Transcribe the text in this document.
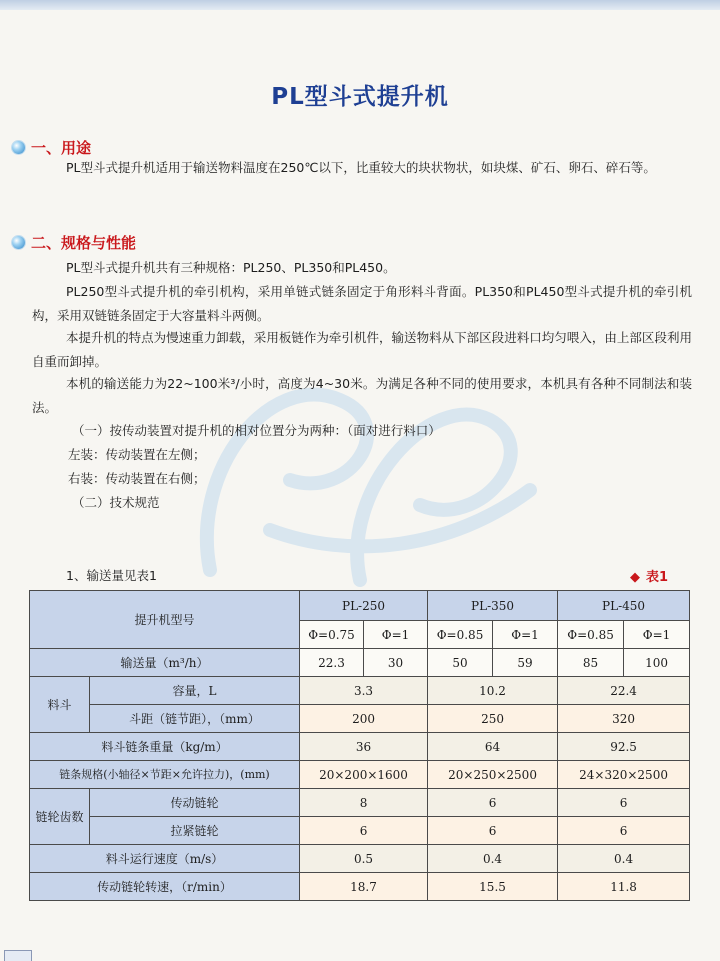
PL型斗式提升机
一、用途
PL型斗式提升机适用于输送物料温度在250℃以下，比重较大的块状物状，如块煤、矿石、卵石、碎石等。
二、规格与性能
PL型斗式提升机共有三种规格：PL250、PL350和PL450。
PL250型斗式提升机的牵引机构，采用单链式链条固定于角形料斗背面。PL350和PL450型斗式提升机的牵引机构，采用双链链条固定于大容量料斗两侧。
本提升机的特点为慢速重力卸载，采用板链作为牵引机件，输送物料从下部区段进料口均匀喂入，由上部区段利用自重而卸掉。
本机的输送能力为22~100米³/小时，高度为4~30米。为满足各种不同的使用要求，本机具有各种不同制法和装法。
（一）按传动装置对提升机的相对位置分为两种：（面对进行料口）
左装：传动装置在左侧；
右装：传动装置在右侧；
（二）技术规范
1、输送量见表1	◆ 表1
提升机型号		PL-250		PL-350		PL-450	
		Φ=0.75	Φ=1	Φ=0.85	Φ=1	Φ=0.85	Φ=1
输送量（m³/h）		22.3	30	50	59	85	100
料斗	容量，L	3.3		10.2		22.4	
	斗距（链节距），（mm）	200		250		320	
料斗链条重量（kg/m）		36		64		92.5	
链条规格(小轴径×节距×允许拉力)，(mm)		20×200×1600		20×250×2500		24×320×2500	
链轮齿数	传动链轮	8		6		6	
	拉紧链轮	6		6		6	
料斗运行速度（m/s）		0.5		0.4		0.4	
传动链轮转速，（r/min）		18.7		15.5		11.8	
